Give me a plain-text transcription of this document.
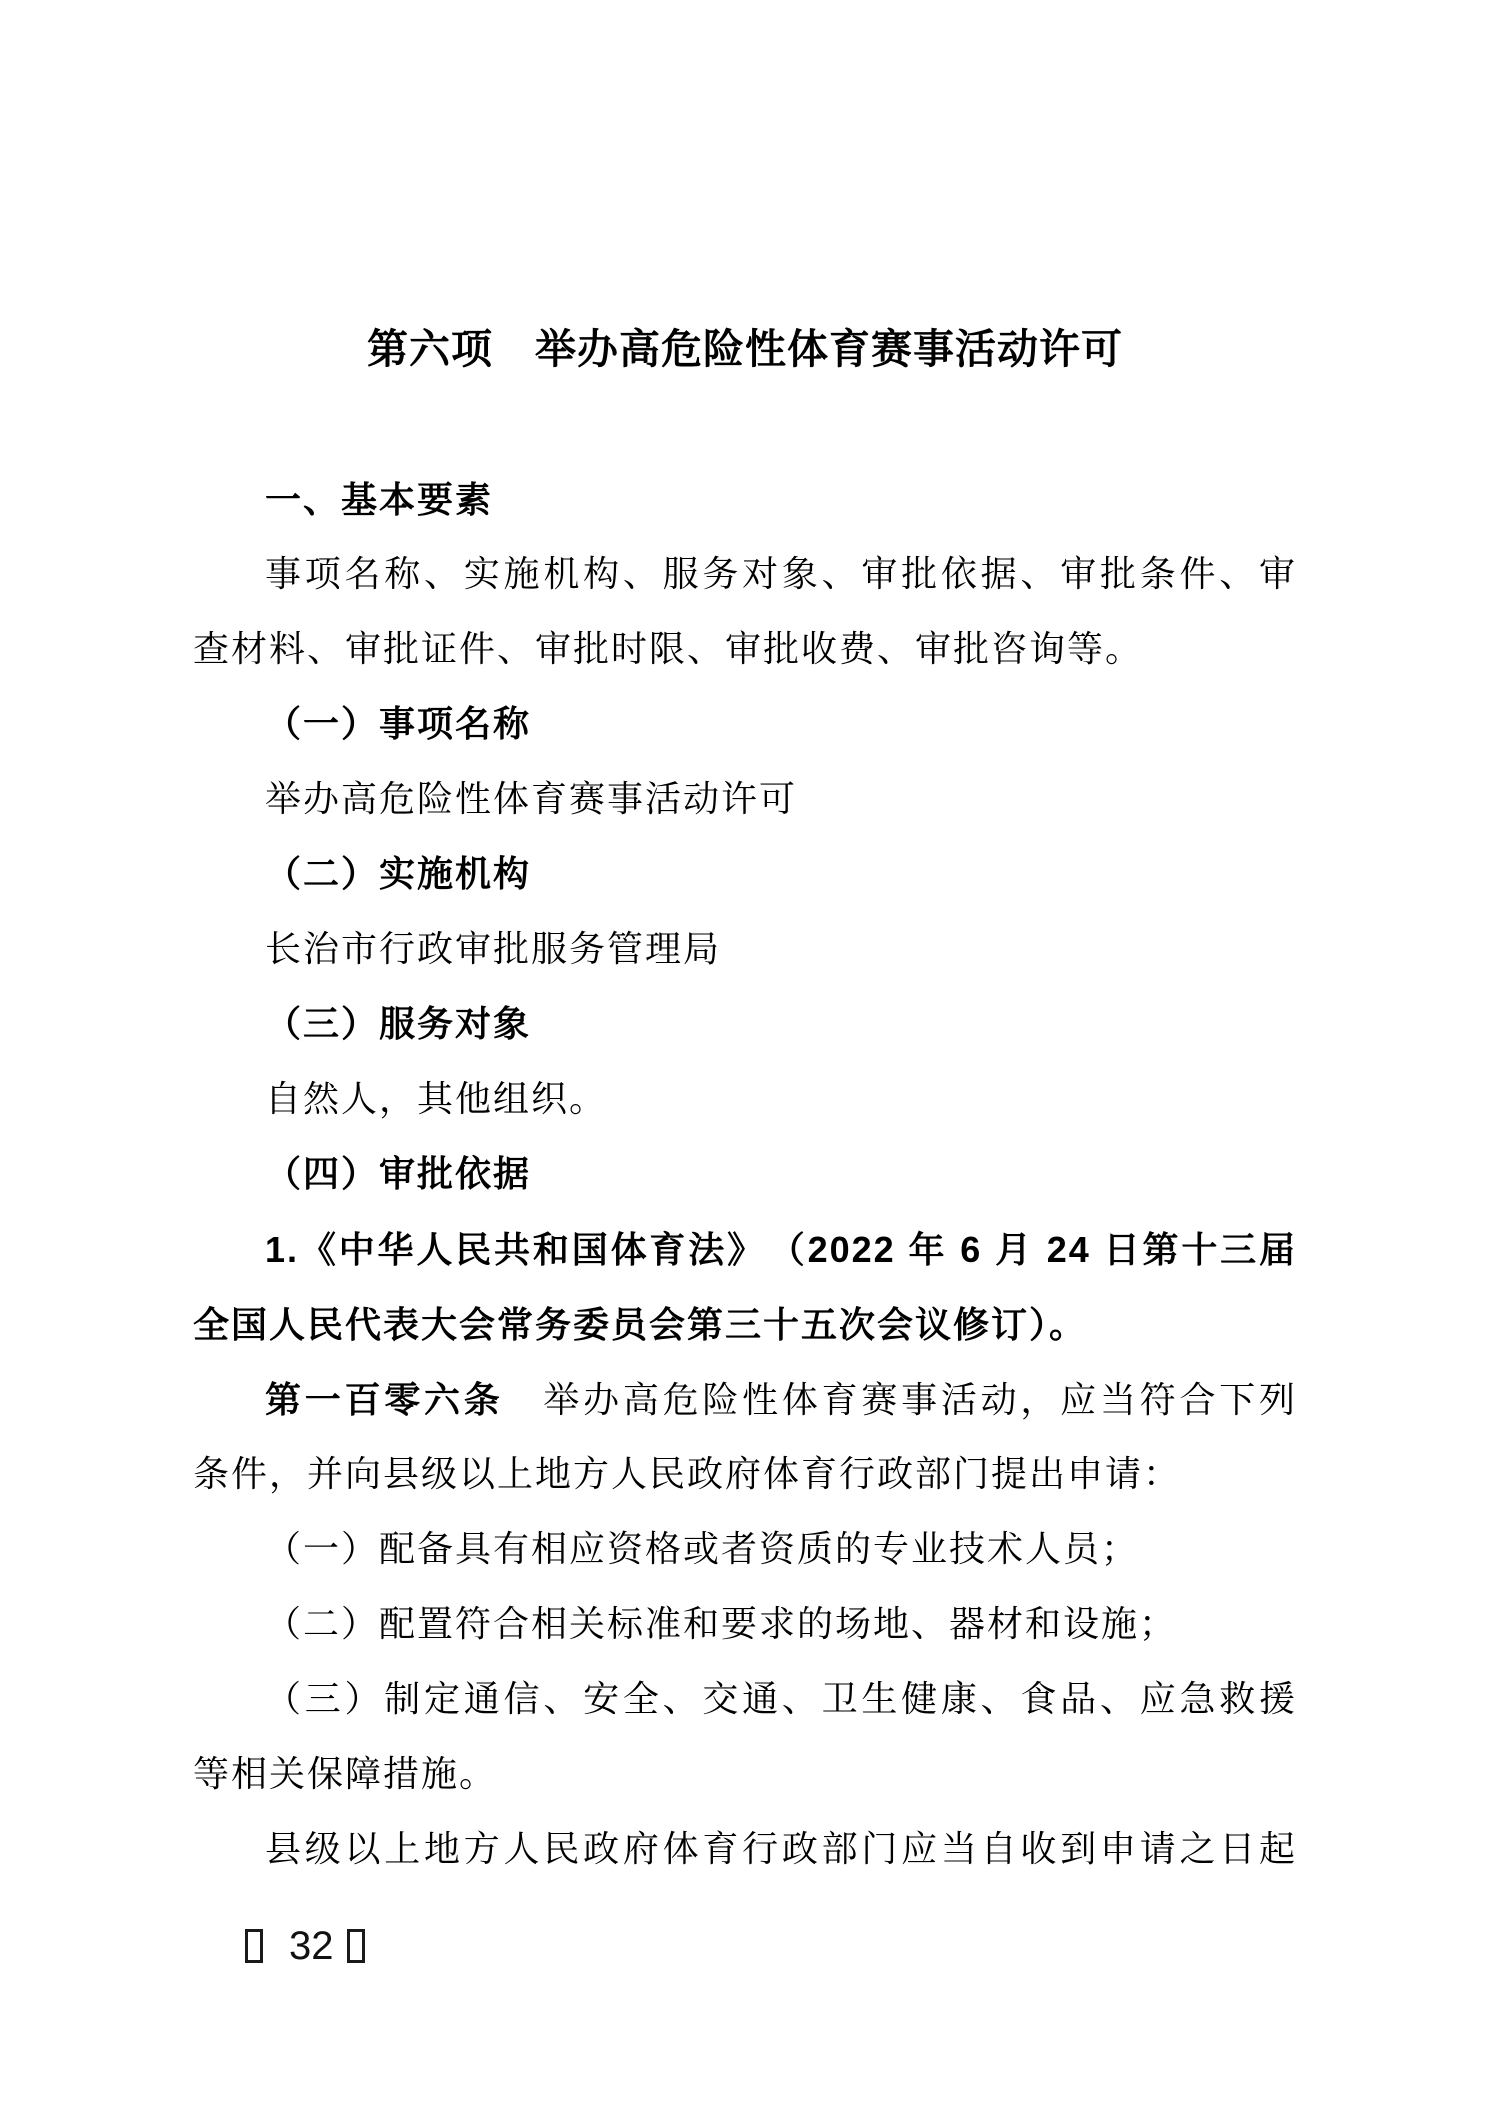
第六项　举办高危险性体育赛事活动许可
一、基本要素
事项名称、实施机构、服务对象、审批依据、审批条件、审
查材料、审批证件、审批时限、审批收费、审批咨询等。
（一）事项名称
举办高危险性体育赛事活动许可
（二）实施机构
长治市行政审批服务管理局
（三）服务对象
自然人，其他组织。
（四）审批依据
1.《中华人民共和国体育法》　（2022 年 6 月 24 日第十三届
全国人民代表大会常务委员会第三十五次会议修订）。
第一百零六条　举办高危险性体育赛事活动，应当符合下列
条件，并向县级以上地方人民政府体育行政部门提出申请：
（一）配备具有相应资格或者资质的专业技术人员；
（二）配置符合相关标准和要求的场地、器材和设施；
（三）制定通信、安全、交通、卫生健康、食品、应急救援
等相关保障措施。
县级以上地方人民政府体育行政部门应当自收到申请之日起
32
